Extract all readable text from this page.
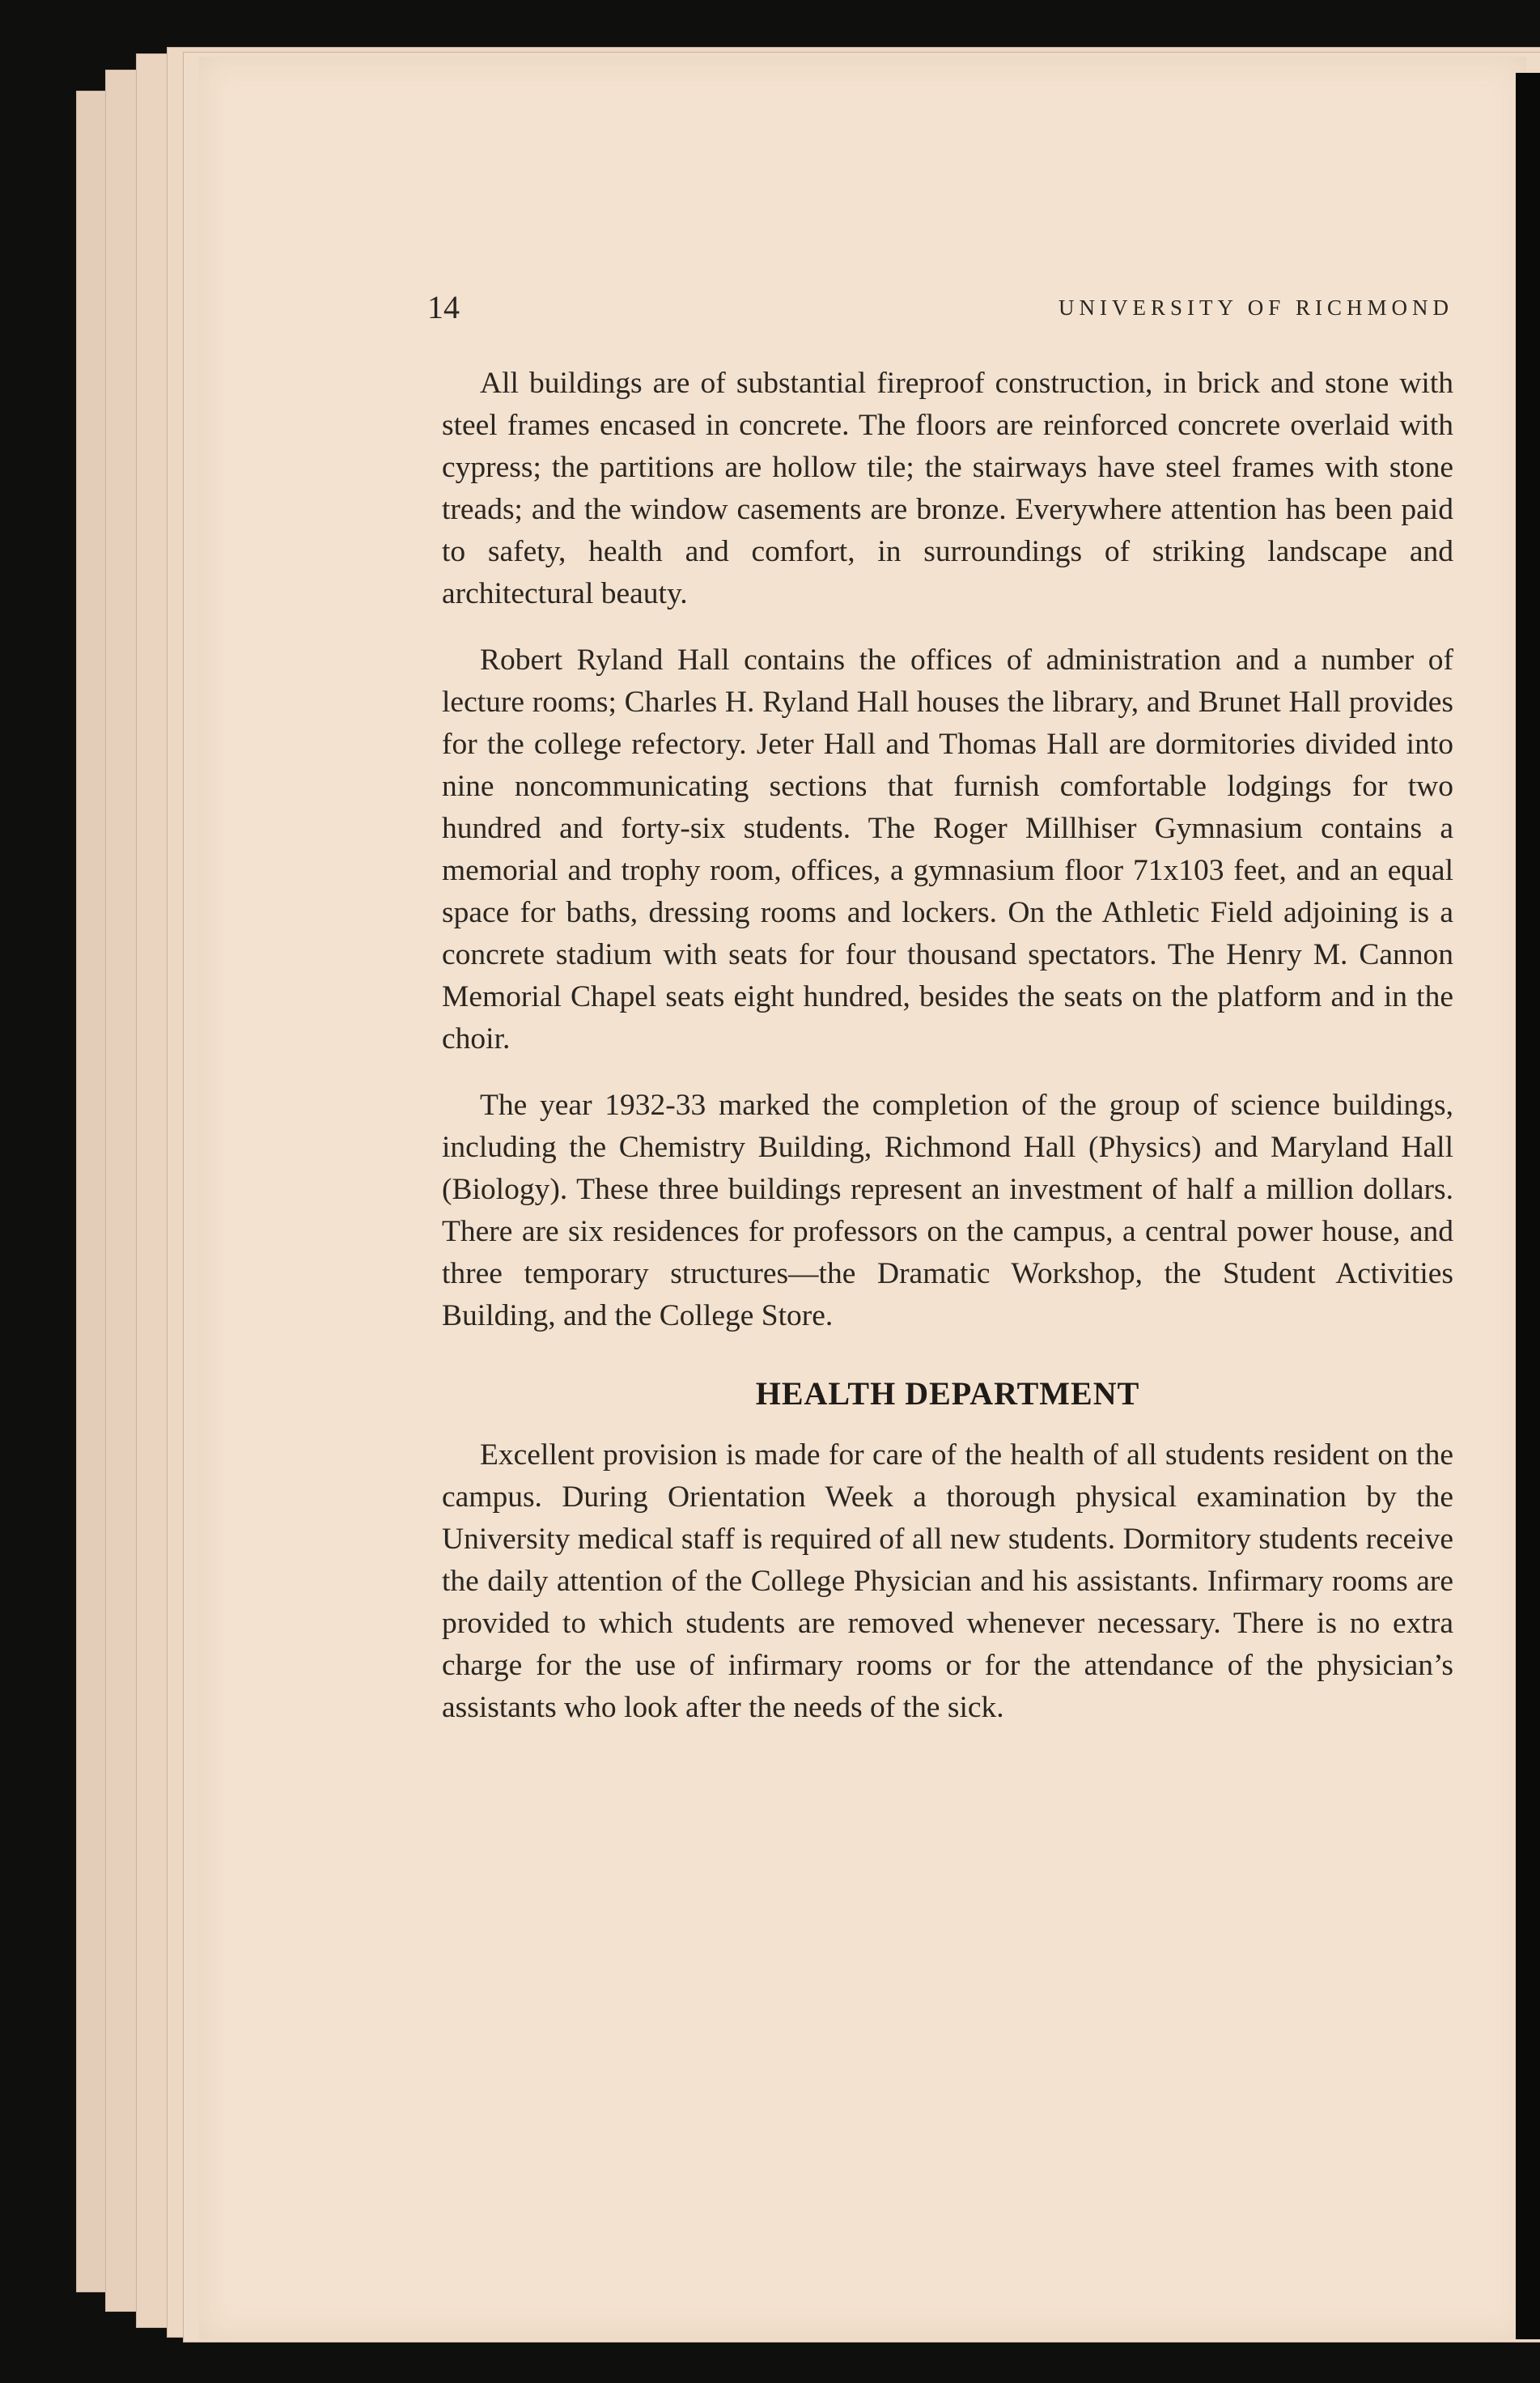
14	UNIVERSITY OF RICHMOND

All buildings are of substantial fireproof construction, in brick and stone with steel frames encased in concrete. The floors are reinforced concrete overlaid with cypress; the partitions are hollow tile; the stairways have steel frames with stone treads; and the window casements are bronze. Everywhere attention has been paid to safety, health and comfort, in surroundings of striking landscape and architectural beauty.

Robert Ryland Hall contains the offices of administration and a number of lecture rooms; Charles H. Ryland Hall houses the library, and Brunet Hall provides for the college refectory. Jeter Hall and Thomas Hall are dormitories divided into nine noncommunicating sections that furnish comfortable lodgings for two hundred and forty-six students. The Roger Millhiser Gymnasium contains a memorial and trophy room, offices, a gymnasium floor 71x103 feet, and an equal space for baths, dressing rooms and lockers. On the Athletic Field adjoining is a concrete stadium with seats for four thousand spectators. The Henry M. Cannon Memorial Chapel seats eight hundred, besides the seats on the platform and in the choir.

The year 1932-33 marked the completion of the group of science buildings, including the Chemistry Building, Richmond Hall (Physics) and Maryland Hall (Biology). These three buildings represent an investment of half a million dollars. There are six residences for professors on the campus, a central power house, and three temporary structures—the Dramatic Workshop, the Student Activities Building, and the College Store.

HEALTH DEPARTMENT

Excellent provision is made for care of the health of all students resident on the campus. During Orientation Week a thorough physical examination by the University medical staff is required of all new students. Dormitory students receive the daily attention of the College Physician and his assistants. Infirmary rooms are provided to which students are removed whenever necessary. There is no extra charge for the use of infirmary rooms or for the attendance of the physician’s assistants who look after the needs of the sick.
